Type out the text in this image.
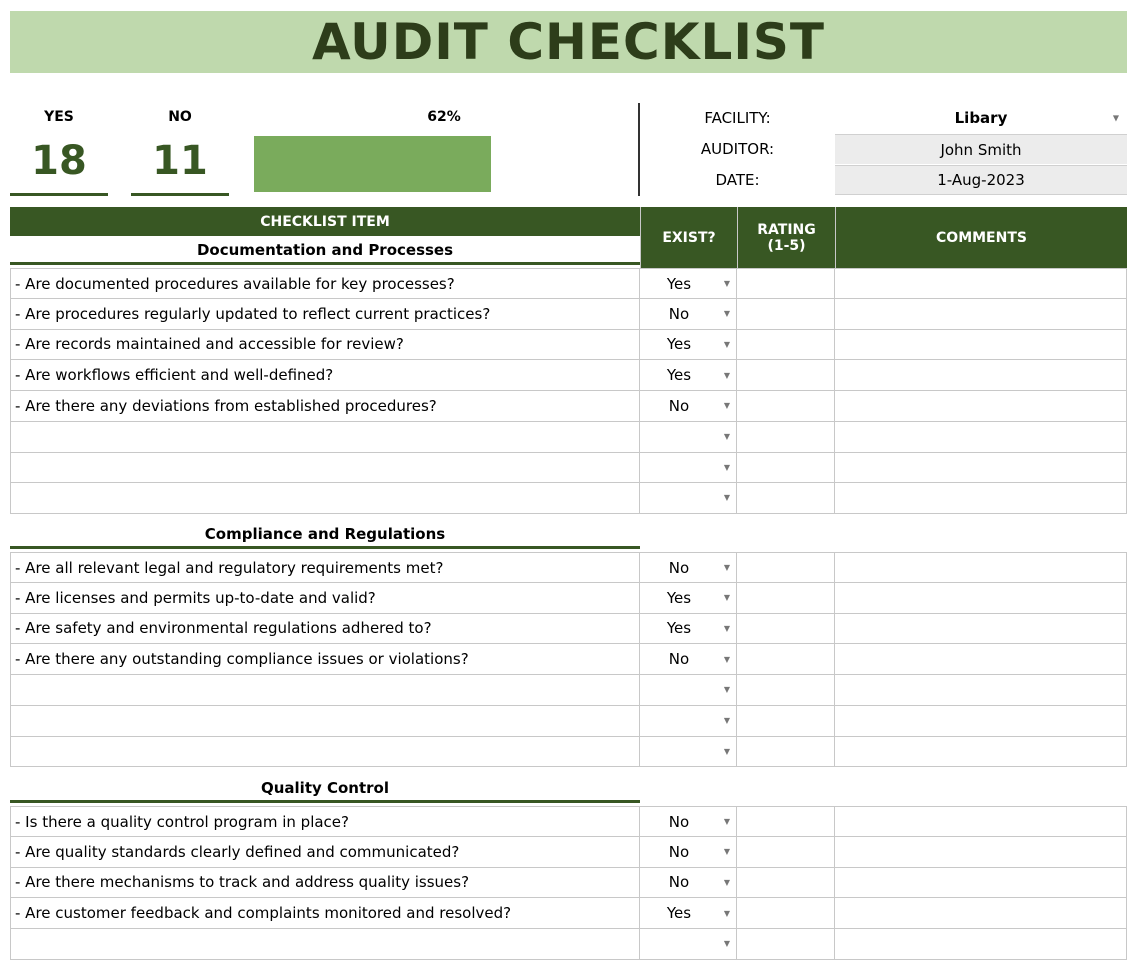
AUDIT CHECKLIST
YES
18
NO
11
62%	FACILITY:	Libary	▼
AUDITOR:	John Smith
DATE:	1-Aug-2023
CHECKLIST ITEM
EXIST?	RATING (1-5)	COMMENTS
Documentation and Processes
- Are documented procedures available for key processes?	Yes	▼
- Are procedures regularly updated to reflect current practices?	No	▼
- Are records maintained and accessible for review?	Yes	▼
- Are workflows efficient and well-defined?	Yes	▼
- Are there any deviations from established procedures?	No	▼
▼
▼
▼
Compliance and Regulations
- Are all relevant legal and regulatory requirements met?	No	▼
- Are licenses and permits up-to-date and valid?	Yes	▼
- Are safety and environmental regulations adhered to?	Yes	▼
- Are there any outstanding compliance issues or violations?	No	▼
▼
▼
▼
Quality Control
- Is there a quality control program in place?	No	▼
- Are quality standards clearly defined and communicated?	No	▼
- Are there mechanisms to track and address quality issues?	No	▼
- Are customer feedback and complaints monitored and resolved?	Yes	▼
▼
